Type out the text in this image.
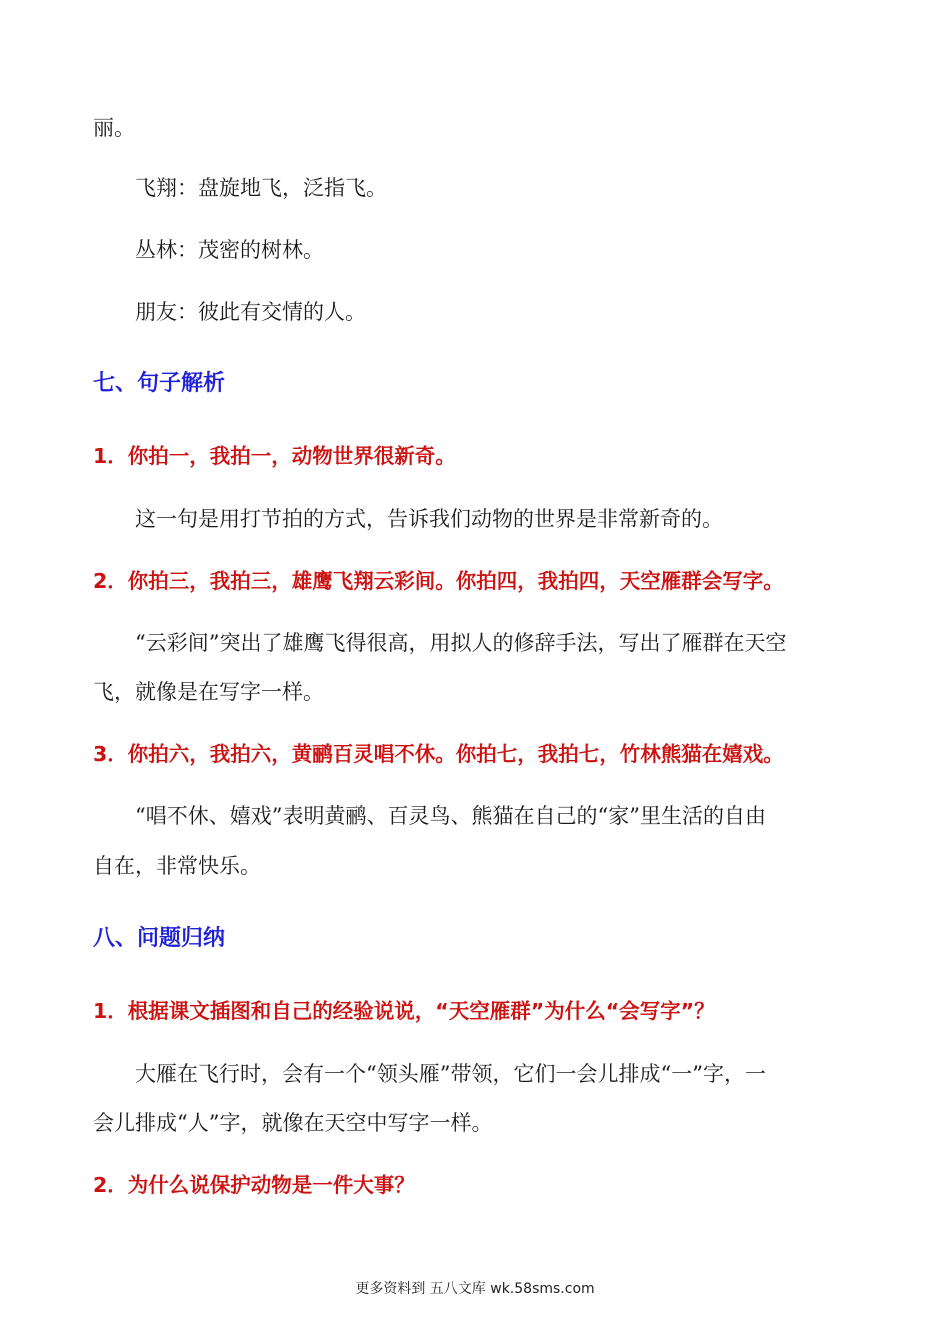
丽。
飞翔：盘旋地飞，泛指飞。
丛林：茂密的树林。
朋友：彼此有交情的人。
七、句子解析
1．你拍一，我拍一，动物世界很新奇。
这一句是用打节拍的方式，告诉我们动物的世界是非常新奇的。
2．你拍三，我拍三，雄鹰飞翔云彩间。你拍四，我拍四，天空雁群会写字。
“云彩间”突出了雄鹰飞得很高，用拟人的修辞手法，写出了雁群在天空
飞，就像是在写字一样。
3．你拍六，我拍六，黄鹂百灵唱不休。你拍七，我拍七，竹林熊猫在嬉戏。
“唱不休、嬉戏”表明黄鹂、百灵鸟、熊猫在自己的“家”里生活的自由
自在，非常快乐。
八、问题归纳
1．根据课文插图和自己的经验说说，“天空雁群”为什么“会写字”？
大雁在飞行时，会有一个“领头雁”带领，它们一会儿排成“一”字，一
会儿排成“人”字，就像在天空中写字一样。
2．为什么说保护动物是一件大事？
更多资料到 五八文库 wk.58sms.com
